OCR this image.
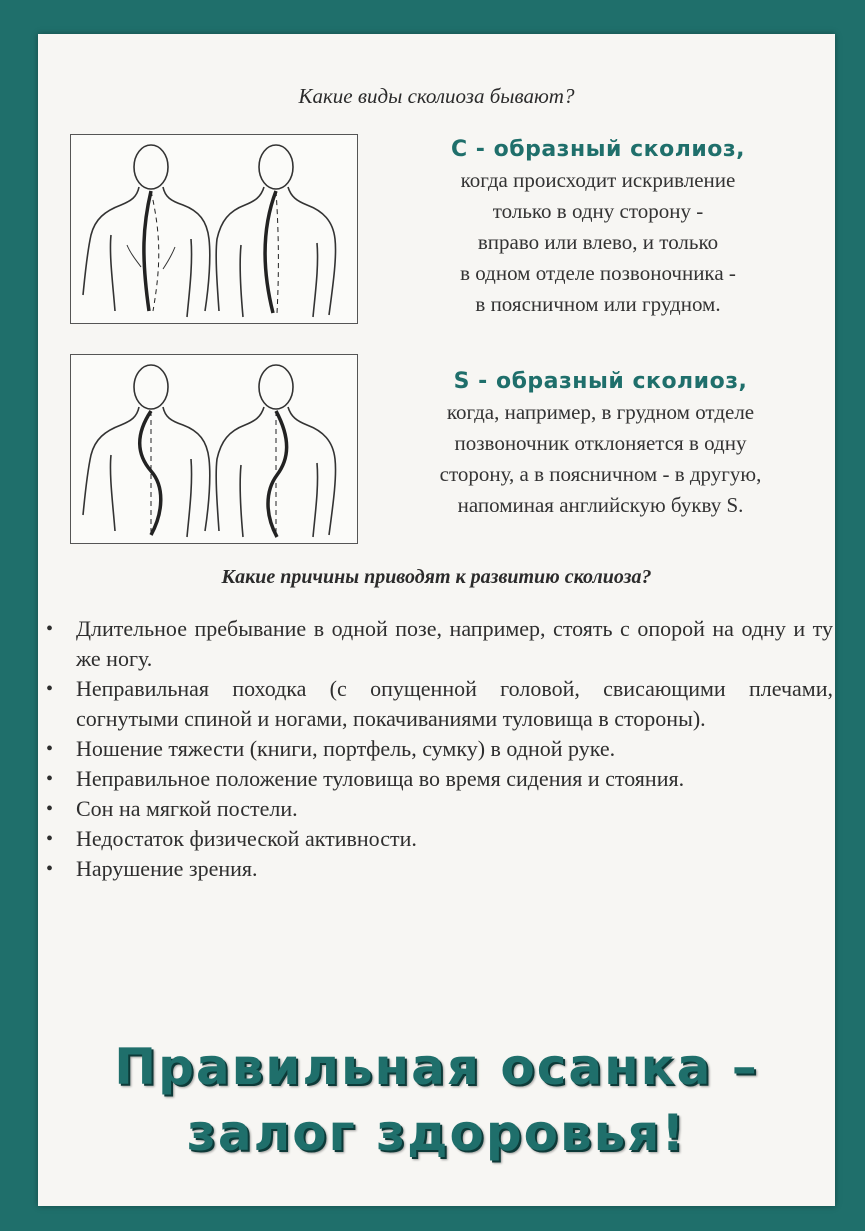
Какие виды сколиоза бывают?
С - образный сколиоз,
когда происходит искривление
только в одну сторону -
вправо или влево, и только
в одном отделе позвоночника -
в поясничном или грудном.
S - образный сколиоз,
когда, например, в грудном отделе
позвоночник отклоняется в одну
сторону, а в поясничном - в другую,
напоминая английскую букву S.
Какие причины приводят к развитию сколиоза?
• Длительное пребывание в одной позе, например, стоять с опорой на одну и ту же ногу.
• Неправильная походка (с опущенной головой, свисающими плечами, согнутыми спиной и ногами, покачиваниями туловища в стороны).
• Ношение тяжести (книги, портфель, сумку) в одной руке.
• Неправильное положение туловища во время сидения и стояния.
• Сон на мягкой постели.
• Недостаток физической активности.
• Нарушение зрения.
Правильная осанка –
залог здоровья!
